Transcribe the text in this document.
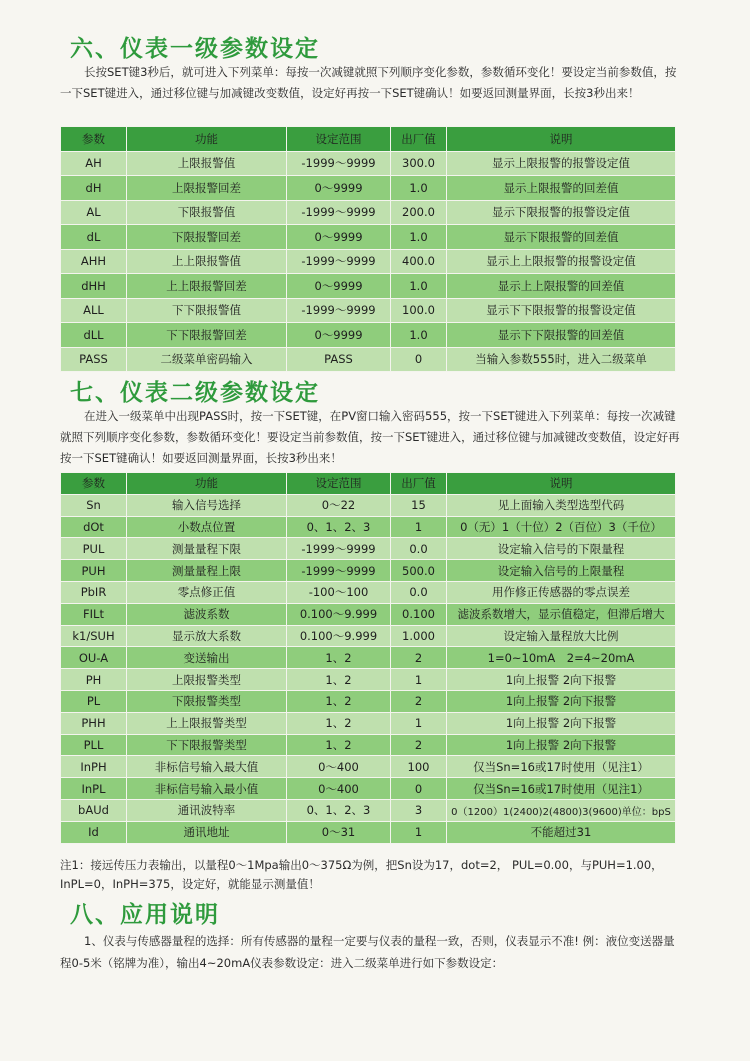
六、仪表一级参数设定
长按SET键3秒后，就可进入下列菜单：每按一次减键就照下列顺序变化参数，参数循环变化！要设定当前参数值，按一下SET键进入，通过移位键与加减键改变数值，设定好再按一下SET键确认！如要返回测量界面，长按3秒出来！
参数	功能	设定范围	出厂值	说明
AH	上限报警值	-1999～9999	300.0	显示上限报警的报警设定值
dH	上限报警回差	0～9999	1.0	显示上限报警的回差值
AL	下限报警值	-1999～9999	200.0	显示下限报警的报警设定值
dL	下限报警回差	0～9999	1.0	显示下限报警的回差值
AHH	上上限报警值	-1999～9999	400.0	显示上上限报警的报警设定值
dHH	上上限报警回差	0～9999	1.0	显示上上限报警的回差值
ALL	下下限报警值	-1999～9999	100.0	显示下下限报警的报警设定值
dLL	下下限报警回差	0～9999	1.0	显示下下限报警的回差值
PASS	二级菜单密码输入	PASS	0	当输入参数555时，进入二级菜单
七、仪表二级参数设定
在进入一级菜单中出现PASS时，按一下SET键，在PV窗口输入密码555，按一下SET键进入下列菜单：每按一次减键就照下列顺序变化参数，参数循环变化！要设定当前参数值，按一下SET键进入，通过移位键与加减键改变数值，设定好再按一下SET键确认！如要返回测量界面，长按3秒出来！
参数	功能	设定范围	出厂值	说明
Sn	输入信号选择	0～22	15	见上面输入类型选型代码
dOt	小数点位置	0、1、2、3	1	0（无）1（十位）2（百位）3（千位）
PUL	测量量程下限	-1999～9999	0.0	设定输入信号的下限量程
PUH	测量量程上限	-1999～9999	500.0	设定输入信号的上限量程
PbIR	零点修正值	-100～100	0.0	用作修正传感器的零点误差
FILt	滤波系数	0.100～9.999	0.100	滤波系数增大，显示值稳定，但滞后增大
k1/SUH	显示放大系数	0.100～9.999	1.000	设定输入量程放大比例
OU-A	变送输出	1、2	2	1=0~10mA　2=4~20mA
PH	上限报警类型	1、2	1	1向上报警 2向下报警
PL	下限报警类型	1、2	2	1向上报警 2向下报警
PHH	上上限报警类型	1、2	1	1向上报警 2向下报警
PLL	下下限报警类型	1、2	2	1向上报警 2向下报警
InPH	非标信号输入最大值	0～400	100	仅当Sn=16或17时使用（见注1）
InPL	非标信号输入最小值	0～400	0	仅当Sn=16或17时使用（见注1）
bAUd	通讯波特率	0、1、2、3	3	0（1200）1(2400)2(4800)3(9600)单位：bpS
Id	通讯地址	0～31	1	不能超过31
注1：接远传压力表输出，以量程0～1Mpa输出0～375Ω为例，把Sn设为17，dot=2， PUL=0.00，与PUH=1.00，InPL=0，InPH=375，设定好，就能显示测量值！
八、应用说明
1、仪表与传感器量程的选择：所有传感器的量程一定要与仪表的量程一致，否则，仪表显示不准! 例：液位变送器量程0-5米（铭牌为准），输出4~20mA仪表参数设定：进入二级菜单进行如下参数设定：
